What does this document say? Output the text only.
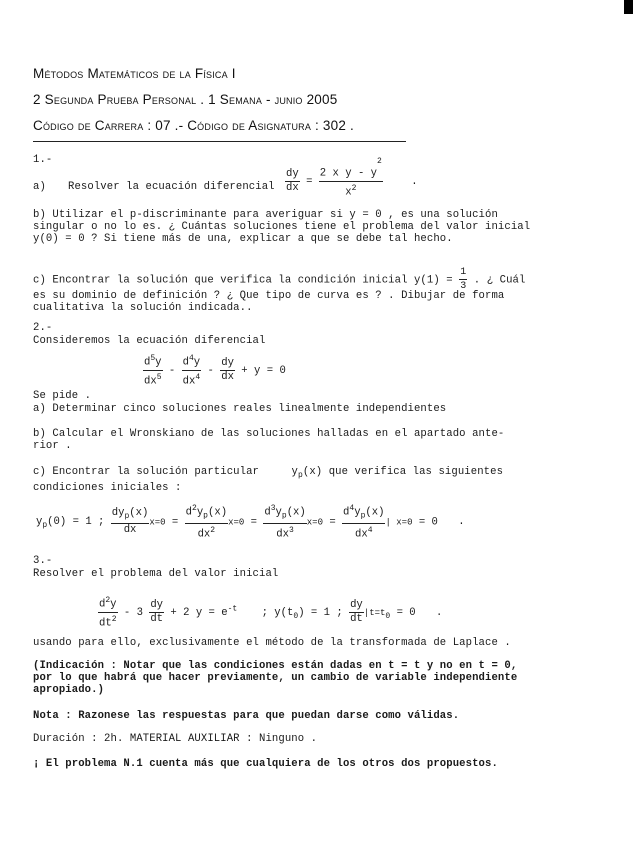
Métodos Matemáticos de la Física I
2 Segunda Prueba Personal . 1 Semana - junio 2005
Código de Carrera : 07 .- Código de Asignatura : 302 .
1.-
a) Resolver la ecuación diferencial $\frac{dy}{dx} = \frac{2 x y - y^2}{x^2}$	.
b) Utilizar el p-discriminante para averiguar si y = 0 , es una solución
singular o no lo es. ¿ Cuántas soluciones tiene el problema del valor inicial
y(0) = 0 ? Si tiene más de una, explicar a que se debe tal hecho.
c) Encontrar la solución que verifica la condición inicial $y(1) = \frac{1}{3}$ . ¿ Cuál
es su dominio de definición ? ¿ Que tipo de curva es ? . Dibujar de forma
cualitativa la solución indicada..
2.-
Consideremos la ecuación diferencial
$\frac{d^5y}{dx^5} - \frac{d^4y}{dx^4} - \frac{dy}{dx} + y = 0$
Se pide .
a) Determinar cinco soluciones reales linealmente independientes
b) Calcular el Wronskiano de las soluciones halladas en el apartado ante-
rior .
c) Encontrar la solución particular	$y_p(x)$ que verifica las siguientes
condiciones iniciales :
$y_p(0) = 1$ ; $\frac{dy_p(x)}{dx} x=0 = \frac{d^2y_p(x)}{dx^2} x=0 = \frac{d^3y_p(x)}{dx^3} x=0 = \frac{d^4y_p(x)}{dx^4}$ | x=0 = 0 .
3.-
Resolver el problema del valor inicial
$\frac{d^2y}{dt^2} - 3 \frac{dy}{dt} + 2$ $y = e^{-t}$ ; $y(t_0) = 1$ ; $\frac{dy}{dt} |t=t_0 = 0$ .
usando para ello, exclusivamente el método de la transformada de Laplace .
(Indicación : Notar que las condiciones están dadas en t = t y no en t = 0,
por lo que habrá que hacer previamente, un cambio de variable independiente
apropiado.)
Nota : Razonese las respuestas para que puedan darse como válidas.
Duración : 2h. MATERIAL AUXILIAR : Ninguno .
¡ El problema N.1 cuenta más que cualquiera de los otros dos propuestos.
